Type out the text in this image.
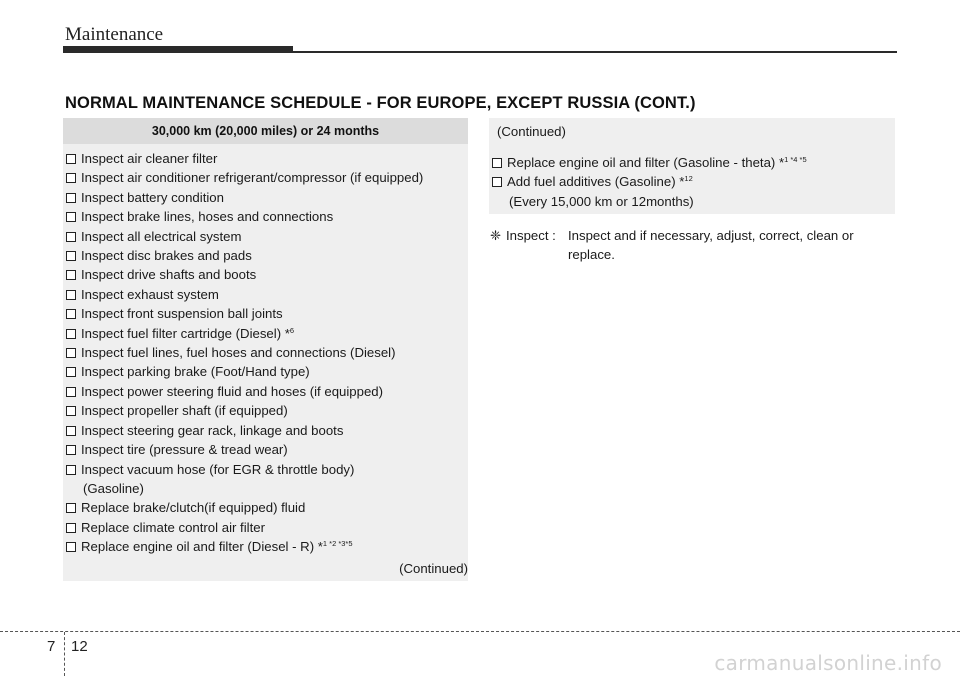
Maintenance
NORMAL MAINTENANCE SCHEDULE - FOR EUROPE, EXCEPT RUSSIA (CONT.)
30,000 km (20,000 miles) or 24 months
Inspect air cleaner filter
Inspect air conditioner refrigerant/compressor (if equipped)
Inspect battery condition
Inspect brake lines, hoses and connections
Inspect all electrical system
Inspect disc brakes and pads
Inspect drive shafts and boots
Inspect exhaust system
Inspect front suspension ball joints
Inspect fuel filter cartridge (Diesel) *$^6$
Inspect fuel lines, fuel hoses and connections (Diesel)
Inspect parking brake (Foot/Hand type)
Inspect power steering fluid and hoses (if equipped)
Inspect propeller shaft (if equipped)
Inspect steering gear rack, linkage and boots
Inspect tire (pressure & tread wear)
Inspect vacuum hose (for EGR & throttle body)
(Gasoline)
Replace brake/clutch(if equipped) fluid
Replace climate control air filter
Replace engine oil and filter (Diesel - R) *$^{1 *2 *3*5}$
(Continued)
(Continued)
Replace engine oil and filter (Gasoline - theta) *$^{1 *4 *5}$
Add fuel additives (Gasoline) *$^{12}$
(Every 15,000 km or 12months)
❈ Inspect : Inspect and if necessary, adjust, correct, clean or
replace.
7 12
carmanualsonline.info
